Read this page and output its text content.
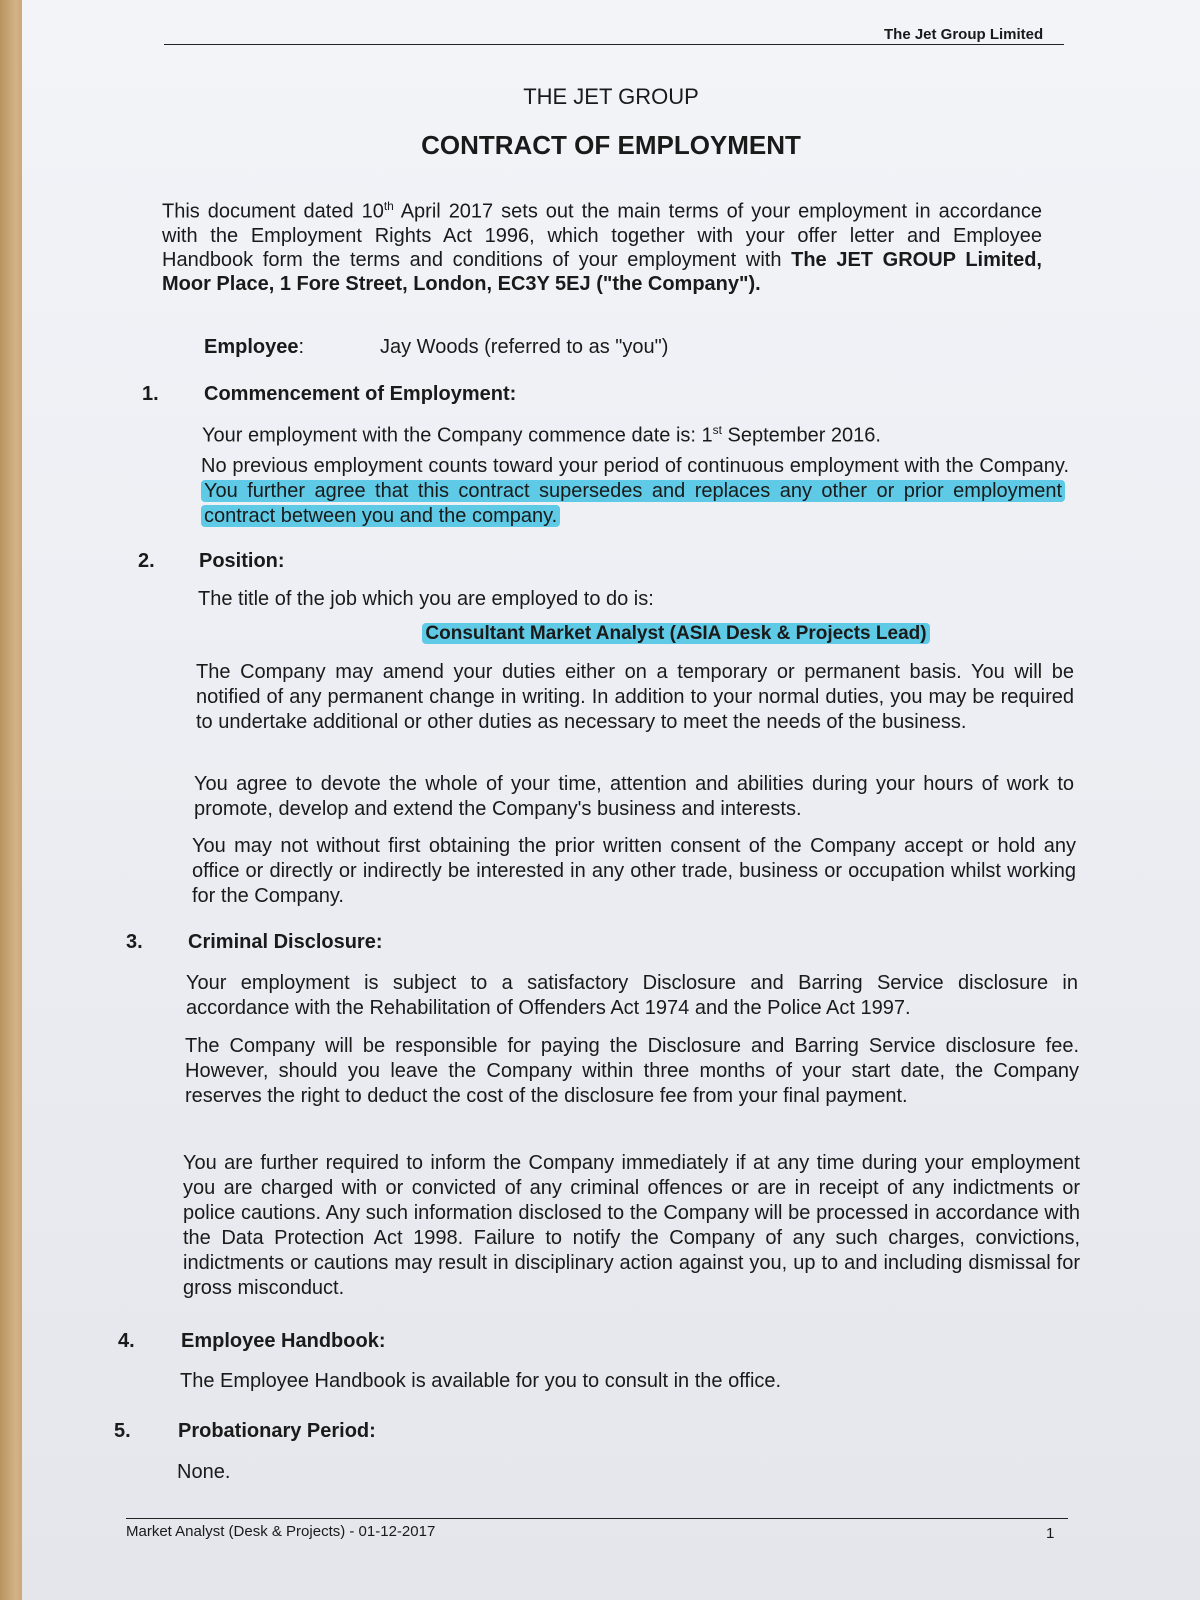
The Jet Group Limited
THE JET GROUP
CONTRACT OF EMPLOYMENT
This document dated 10th April 2017 sets out the main terms of your employment in accordance with the Employment Rights Act 1996, which together with your offer letter and Employee Handbook form the terms and conditions of your employment with The JET GROUP Limited, Moor Place, 1 Fore Street, London, EC3Y 5EJ ("the Company").
Employee:	Jay Woods (referred to as "you")
1. Commencement of Employment:
Your employment with the Company commence date is: 1st September 2016.
No previous employment counts toward your period of continuous employment with the Company. You further agree that this contract supersedes and replaces any other or prior employment contract between you and the company.
2. Position:
The title of the job which you are employed to do is:
Consultant Market Analyst (ASIA Desk & Projects Lead)
The Company may amend your duties either on a temporary or permanent basis. You will be notified of any permanent change in writing. In addition to your normal duties, you may be required to undertake additional or other duties as necessary to meet the needs of the business.
You agree to devote the whole of your time, attention and abilities during your hours of work to promote, develop and extend the Company's business and interests.
You may not without first obtaining the prior written consent of the Company accept or hold any office or directly or indirectly be interested in any other trade, business or occupation whilst working for the Company.
3. Criminal Disclosure:
Your employment is subject to a satisfactory Disclosure and Barring Service disclosure in accordance with the Rehabilitation of Offenders Act 1974 and the Police Act 1997.
The Company will be responsible for paying the Disclosure and Barring Service disclosure fee. However, should you leave the Company within three months of your start date, the Company reserves the right to deduct the cost of the disclosure fee from your final payment.
You are further required to inform the Company immediately if at any time during your employment you are charged with or convicted of any criminal offences or are in receipt of any indictments or police cautions. Any such information disclosed to the Company will be processed in accordance with the Data Protection Act 1998. Failure to notify the Company of any such charges, convictions, indictments or cautions may result in disciplinary action against you, up to and including dismissal for gross misconduct.
4. Employee Handbook:
The Employee Handbook is available for you to consult in the office.
5. Probationary Period:
None.
Market Analyst (Desk & Projects) - 01-12-2017	1
